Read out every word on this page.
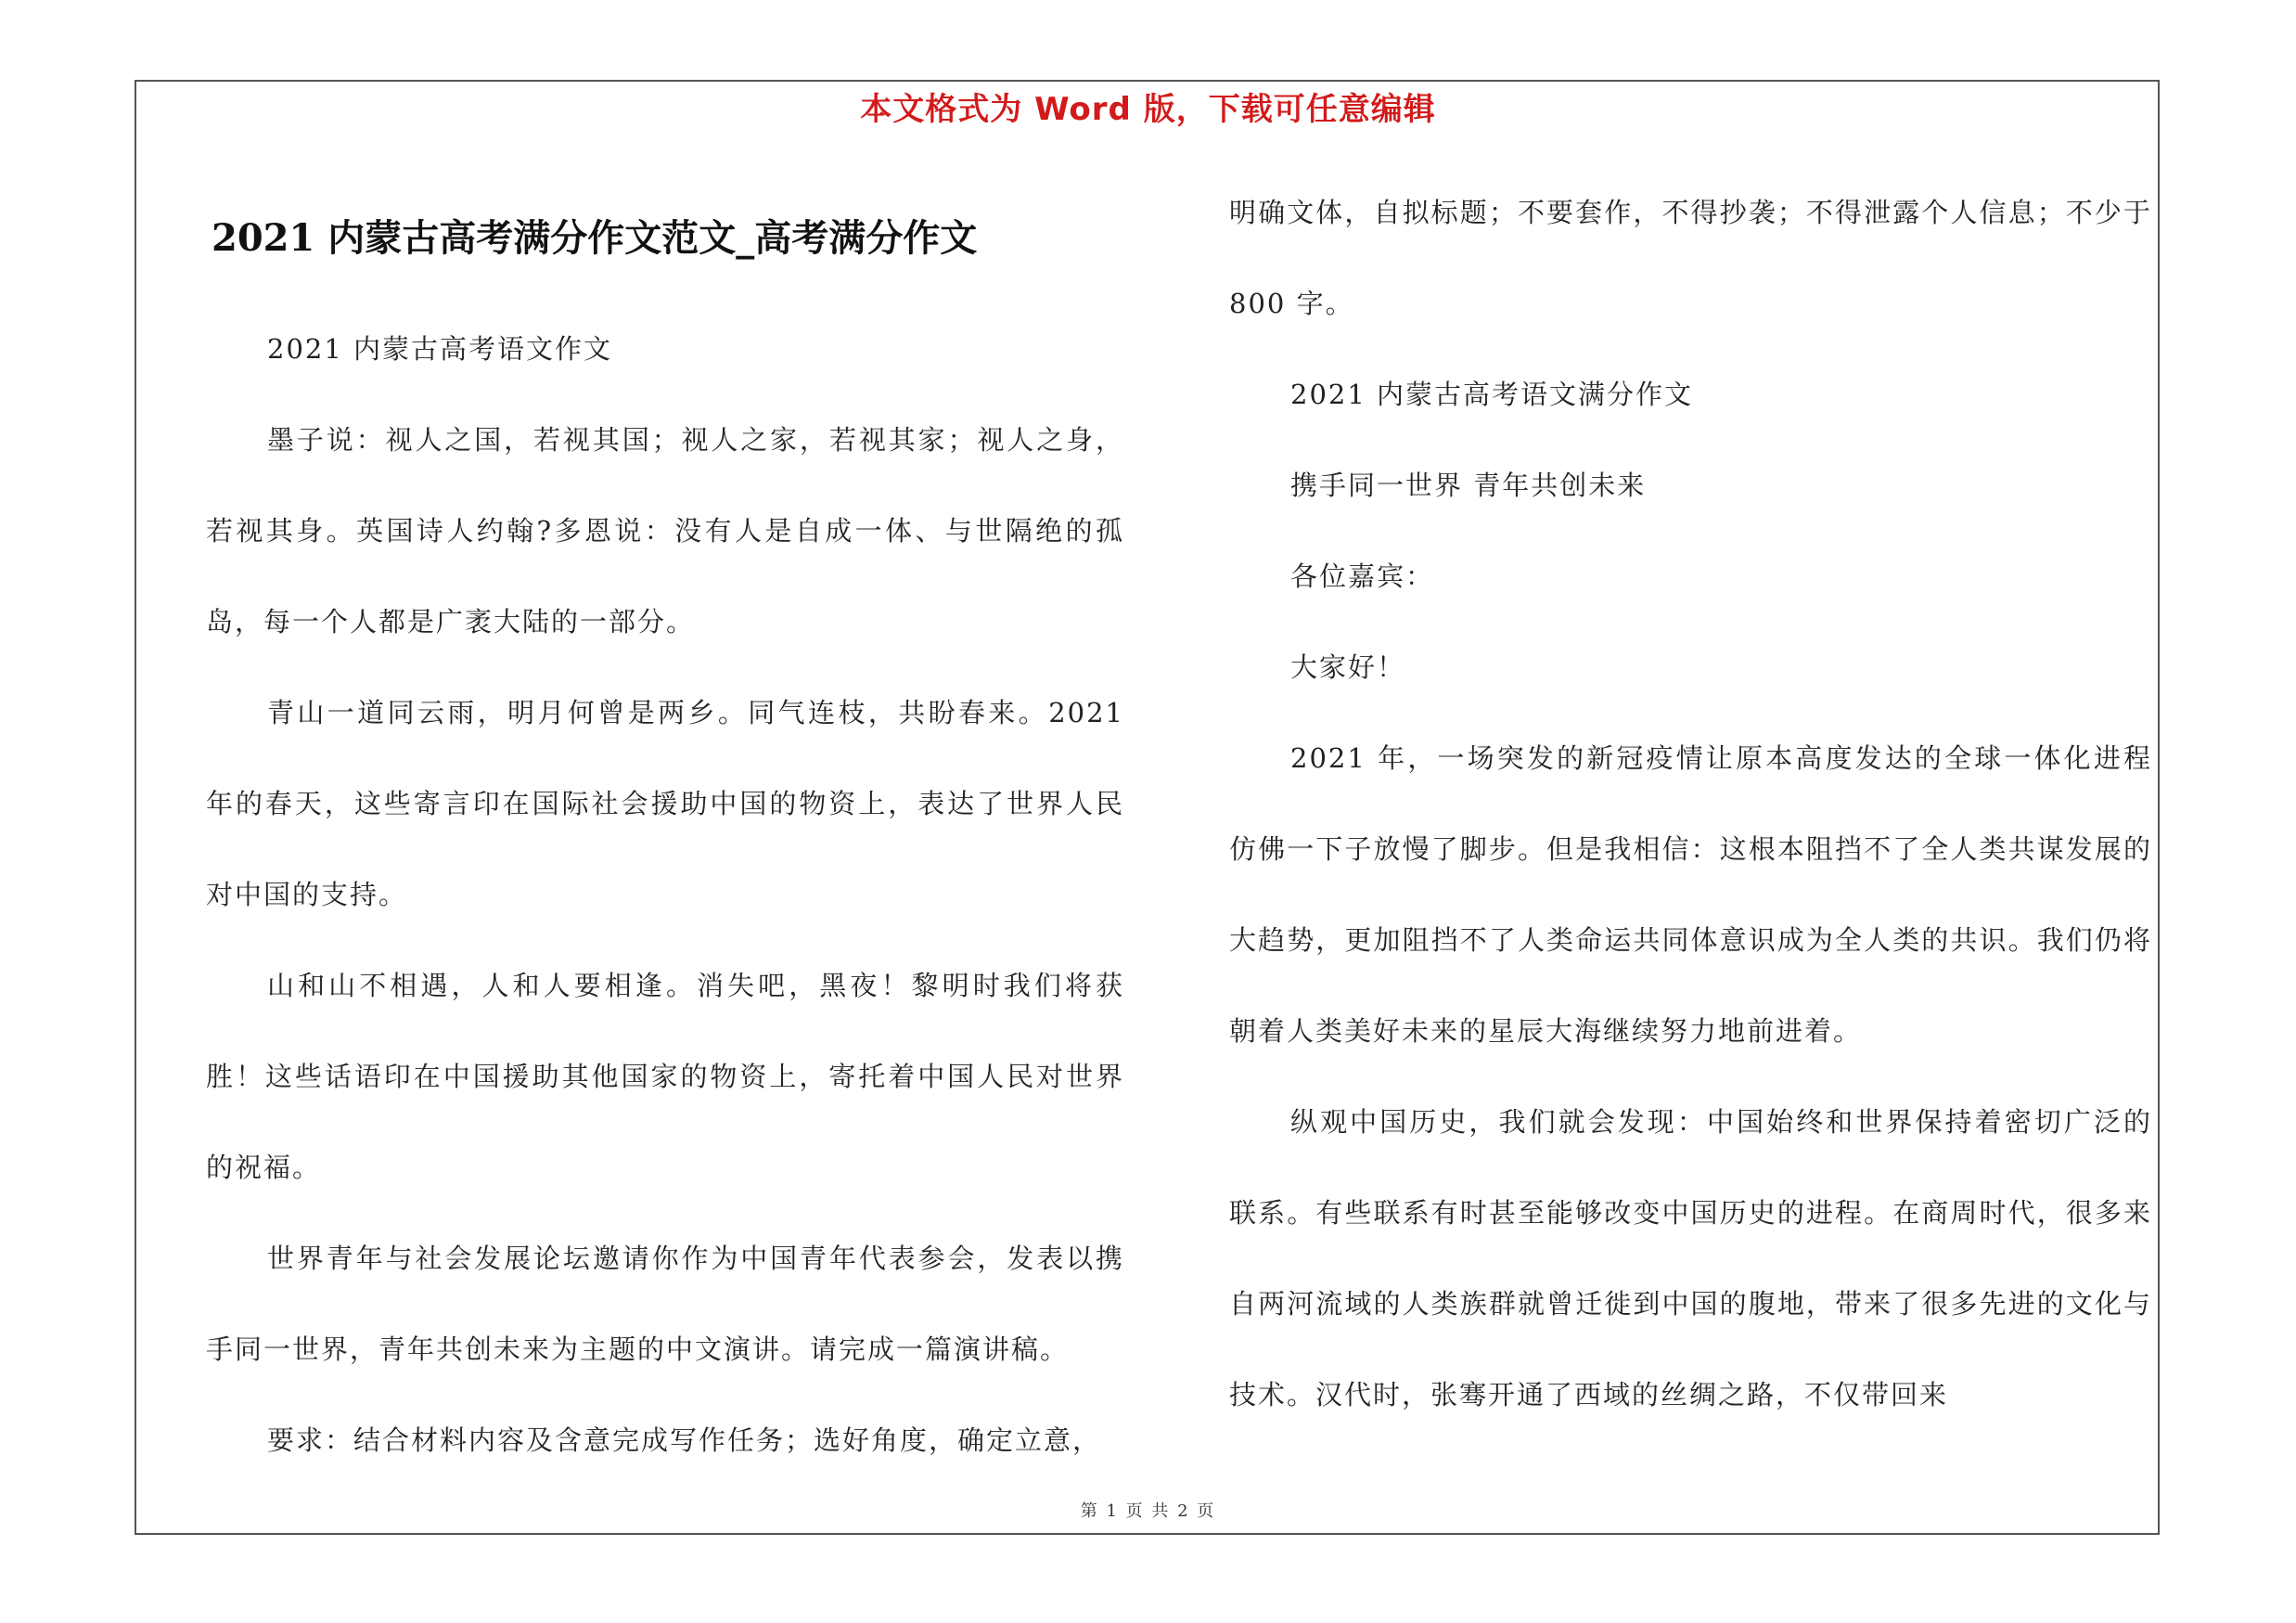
本文格式为 Word 版，下载可任意编辑
2021 内蒙古高考满分作文范文_高考满分作文
2021 内蒙古高考语文作文
墨子说：视人之国，若视其国；视人之家，若视其家；视人之身，若视其身。英国诗人约翰?多恩说：没有人是自成一体、与世隔绝的孤岛，每一个人都是广袤大陆的一部分。
青山一道同云雨，明月何曾是两乡。同气连枝，共盼春来。2021 年的春天，这些寄言印在国际社会援助中国的物资上，表达了世界人民对中国的支持。
山和山不相遇，人和人要相逢。消失吧，黑夜！黎明时我们将获胜！这些话语印在中国援助其他国家的物资上，寄托着中国人民对世界的祝福。
世界青年与社会发展论坛邀请你作为中国青年代表参会，发表以携手同一世界，青年共创未来为主题的中文演讲。请完成一篇演讲稿。
要求：结合材料内容及含意完成写作任务；选好角度，确定立意，
明确文体，自拟标题；不要套作，不得抄袭；不得泄露个人信息；不少于 800 字。
2021 内蒙古高考语文满分作文
携手同一世界 青年共创未来
各位嘉宾：
大家好！
2021 年，一场突发的新冠疫情让原本高度发达的全球一体化进程仿佛一下子放慢了脚步。但是我相信：这根本阻挡不了全人类共谋发展的大趋势，更加阻挡不了人类命运共同体意识成为全人类的共识。我们仍将朝着人类美好未来的星辰大海继续努力地前进着。
纵观中国历史，我们就会发现：中国始终和世界保持着密切广泛的联系。有些联系有时甚至能够改变中国历史的进程。在商周时代，很多来自两河流域的人类族群就曾迁徙到中国的腹地，带来了很多先进的文化与技术。汉代时，张骞开通了西域的丝绸之路，不仅带回来
第 1 页 共 2 页
